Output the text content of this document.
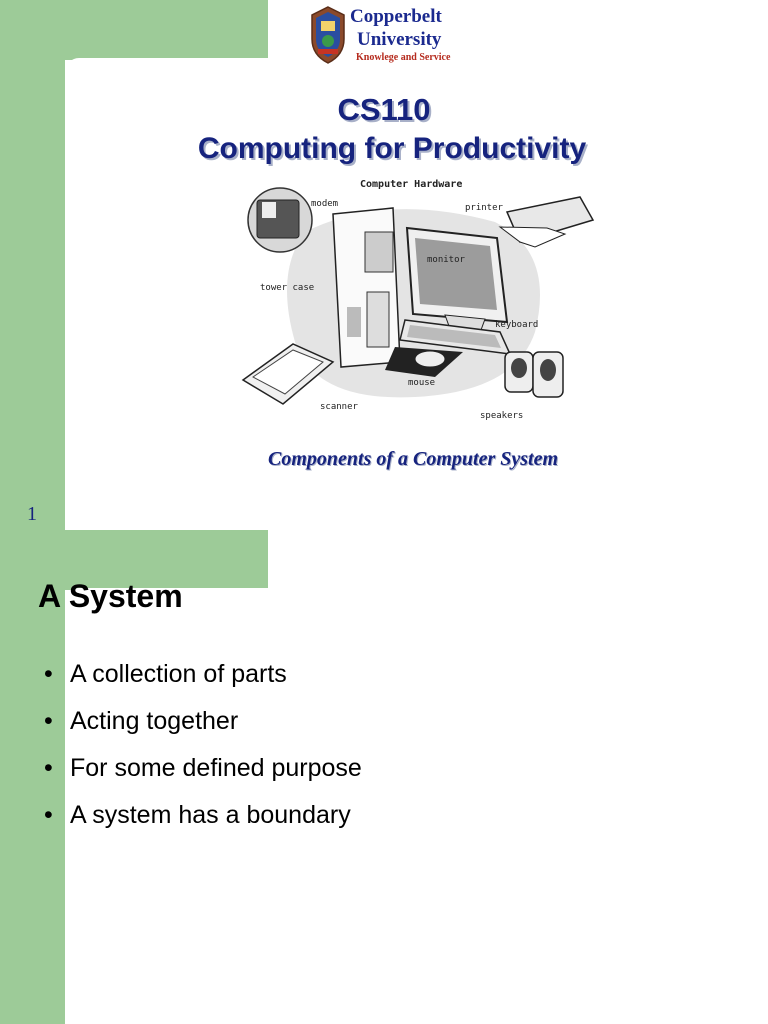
Copperbelt
University
Knowlege and Service
CS110
Computing for Productivity
Computer Hardware
modem
tower case
monitor
printer
keyboard
mouse
scanner
speakers
Components of a Computer System
1
A System
• A collection of parts
• Acting together
• For some defined purpose
• A system has a boundary
